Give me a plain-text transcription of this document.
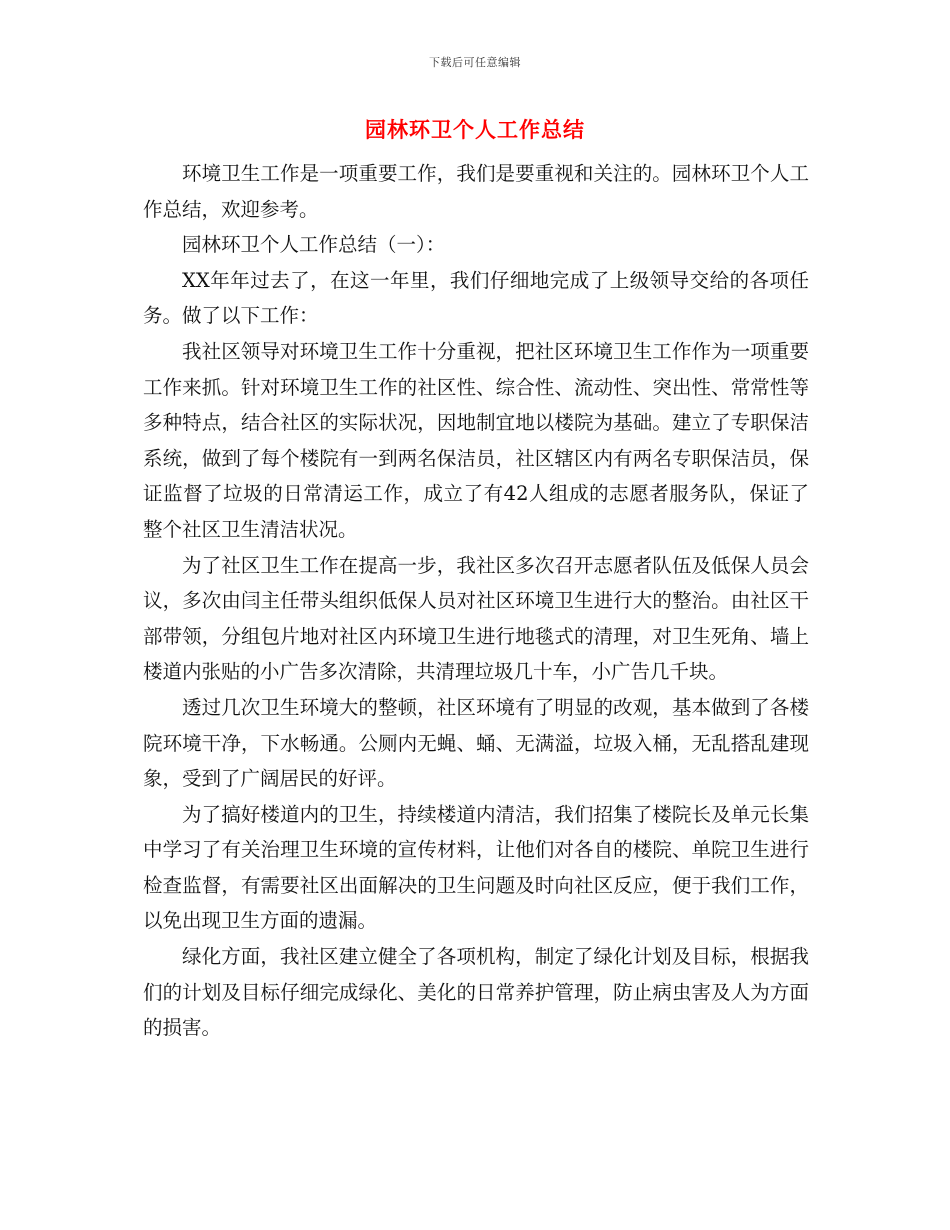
下载后可任意编辑
园林环卫个人工作总结

环境卫生工作是一项重要工作，我们是要重视和关注的。园林环卫个人工作总结，欢迎参考。

园林环卫个人工作总结（一）：

XX年年过去了，在这一年里，我们仔细地完成了上级领导交给的各项任务。做了以下工作：

我社区领导对环境卫生工作十分重视，把社区环境卫生工作作为一项重要工作来抓。针对环境卫生工作的社区性、综合性、流动性、突出性、常常性等多种特点，结合社区的实际状况，因地制宜地以楼院为基础。建立了专职保洁系统，做到了每个楼院有一到两名保洁员，社区辖区内有两名专职保洁员，保证监督了垃圾的日常清运工作，成立了有42人组成的志愿者服务队，保证了整个社区卫生清洁状况。

为了社区卫生工作在提高一步，我社区多次召开志愿者队伍及低保人员会议，多次由闫主任带头组织低保人员对社区环境卫生进行大的整治。由社区干部带领，分组包片地对社区内环境卫生进行地毯式的清理，对卫生死角、墙上楼道内张贴的小广告多次清除，共清理垃圾几十车，小广告几千块。

透过几次卫生环境大的整顿，社区环境有了明显的改观，基本做到了各楼院环境干净，下水畅通。公厕内无蝇、蛹、无满溢，垃圾入桶，无乱搭乱建现象，受到了广阔居民的好评。

为了搞好楼道内的卫生，持续楼道内清洁，我们招集了楼院长及单元长集中学习了有关治理卫生环境的宣传材料，让他们对各自的楼院、单院卫生进行检查监督，有需要社区出面解决的卫生问题及时向社区反应，便于我们工作，以免出现卫生方面的遗漏。

绿化方面，我社区建立健全了各项机构，制定了绿化计划及目标，根据我们的计划及目标仔细完成绿化、美化的日常养护管理，防止病虫害及人为方面的损害。
